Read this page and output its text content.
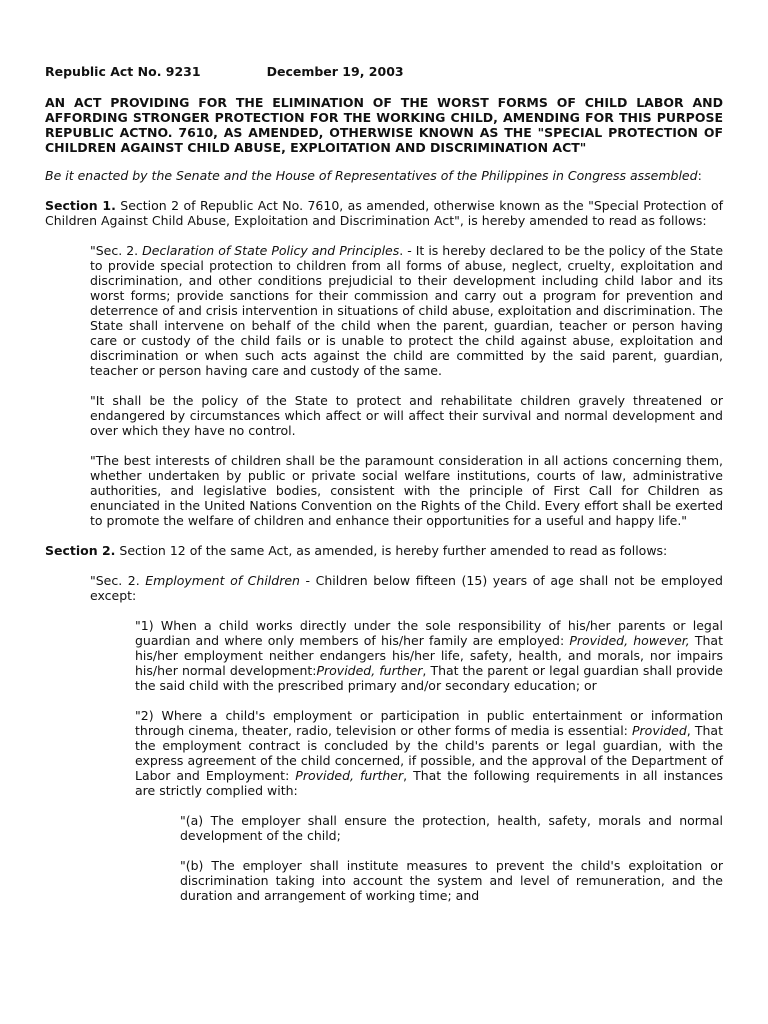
Republic Act No. 9231	December 19, 2003
AN ACT PROVIDING FOR THE ELIMINATION OF THE WORST FORMS OF CHILD LABOR AND AFFORDING STRONGER PROTECTION FOR THE WORKING CHILD, AMENDING FOR THIS PURPOSE REPUBLIC ACTNO. 7610, AS AMENDED, OTHERWISE KNOWN AS THE "SPECIAL PROTECTION OF CHILDREN AGAINST CHILD ABUSE, EXPLOITATION AND DISCRIMINATION ACT"
Be it enacted by the Senate and the House of Representatives of the Philippines in Congress assembled:

Section 1. Section 2 of Republic Act No. 7610, as amended, otherwise known as the "Special Protection of Children Against Child Abuse, Exploitation and Discrimination Act", is hereby amended to read as follows:

"Sec. 2. Declaration of State Policy and Principles. - It is hereby declared to be the policy of the State to provide special protection to children from all forms of abuse, neglect, cruelty, exploitation and discrimination, and other conditions prejudicial to their development including child labor and its worst forms; provide sanctions for their commission and carry out a program for prevention and deterrence of and crisis intervention in situations of child abuse, exploitation and discrimination. The State shall intervene on behalf of the child when the parent, guardian, teacher or person having care or custody of the child fails or is unable to protect the child against abuse, exploitation and discrimination or when such acts against the child are committed by the said parent, guardian, teacher or person having care and custody of the same.

"It shall be the policy of the State to protect and rehabilitate children gravely threatened or endangered by circumstances which affect or will affect their survival and normal development and over which they have no control.

"The best interests of children shall be the paramount consideration in all actions concerning them, whether undertaken by public or private social welfare institutions, courts of law, administrative authorities, and legislative bodies, consistent with the principle of First Call for Children as enunciated in the United Nations Convention on the Rights of the Child. Every effort shall be exerted to promote the welfare of children and enhance their opportunities for a useful and happy life."

Section 2. Section 12 of the same Act, as amended, is hereby further amended to read as follows:

"Sec. 2. Employment of Children - Children below fifteen (15) years of age shall not be employed except:

"1) When a child works directly under the sole responsibility of his/her parents or legal guardian and where only members of his/her family are employed: Provided, however, That his/her employment neither endangers his/her life, safety, health, and morals, nor impairs his/her normal development:Provided, further, That the parent or legal guardian shall provide the said child with the prescribed primary and/or secondary education; or

"2) Where a child's employment or participation in public entertainment or information through cinema, theater, radio, television or other forms of media is essential: Provided, That the employment contract is concluded by the child's parents or legal guardian, with the express agreement of the child concerned, if possible, and the approval of the Department of Labor and Employment: Provided, further, That the following requirements in all instances are strictly complied with:

"(a) The employer shall ensure the protection, health, safety, morals and normal development of the child;

"(b) The employer shall institute measures to prevent the child's exploitation or discrimination taking into account the system and level of remuneration, and the duration and arrangement of working time; and
